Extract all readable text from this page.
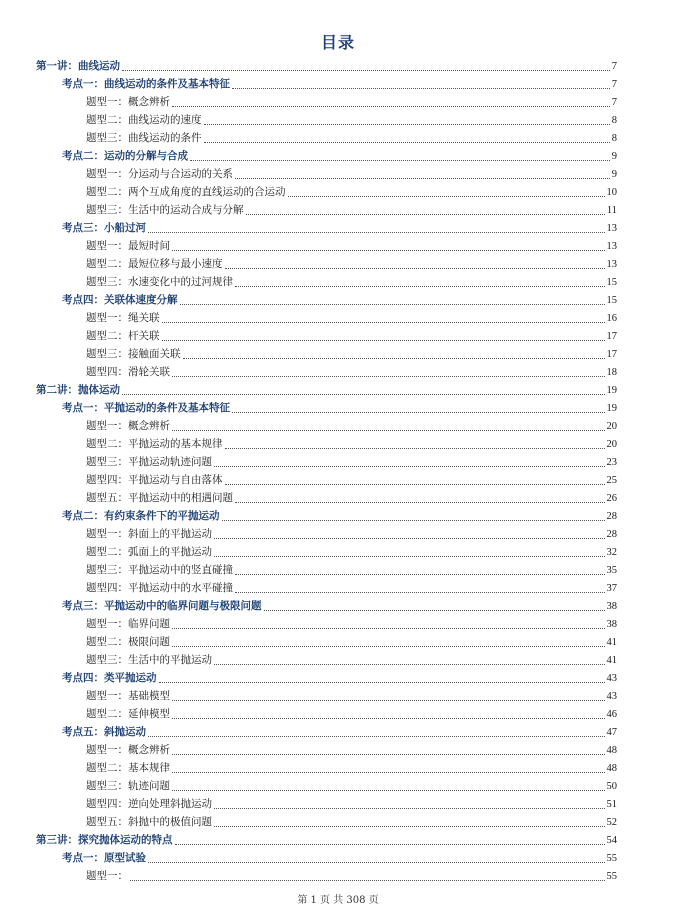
目录
第一讲：曲线运动	7
考点一：曲线运动的条件及基本特征	7
题型一：概念辨析	7
题型二：曲线运动的速度	8
题型三：曲线运动的条件	8
考点二：运动的分解与合成	9
题型一：分运动与合运动的关系	9
题型二：两个互成角度的直线运动的合运动	10
题型三：生活中的运动合成与分解	11
考点三：小船过河	13
题型一：最短时间	13
题型二：最短位移与最小速度	13
题型三：水速变化中的过河规律	15
考点四：关联体速度分解	15
题型一：绳关联	16
题型二：杆关联	17
题型三：接触面关联	17
题型四：滑轮关联	18
第二讲：抛体运动	19
考点一：平抛运动的条件及基本特征	19
题型一：概念辨析	20
题型二：平抛运动的基本规律	20
题型三：平抛运动轨迹问题	23
题型四：平抛运动与自由落体	25
题型五：平抛运动中的相遇问题	26
考点二：有约束条件下的平抛运动	28
题型一：斜面上的平抛运动	28
题型二：弧面上的平抛运动	32
题型三：平抛运动中的竖直碰撞	35
题型四：平抛运动中的水平碰撞	37
考点三：平抛运动中的临界问题与极限问题	38
题型一：临界问题	38
题型二：极限问题	41
题型三：生活中的平抛运动	41
考点四：类平抛运动	43
题型一：基础模型	43
题型二：延伸模型	46
考点五：斜抛运动	47
题型一：概念辨析	48
题型二：基本规律	48
题型三：轨迹问题	50
题型四：逆向处理斜抛运动	51
题型五：斜抛中的极值问题	52
第三讲：探究抛体运动的特点	54
考点一：原型试验	55
题型一：	55
第 1 页 共 308 页
